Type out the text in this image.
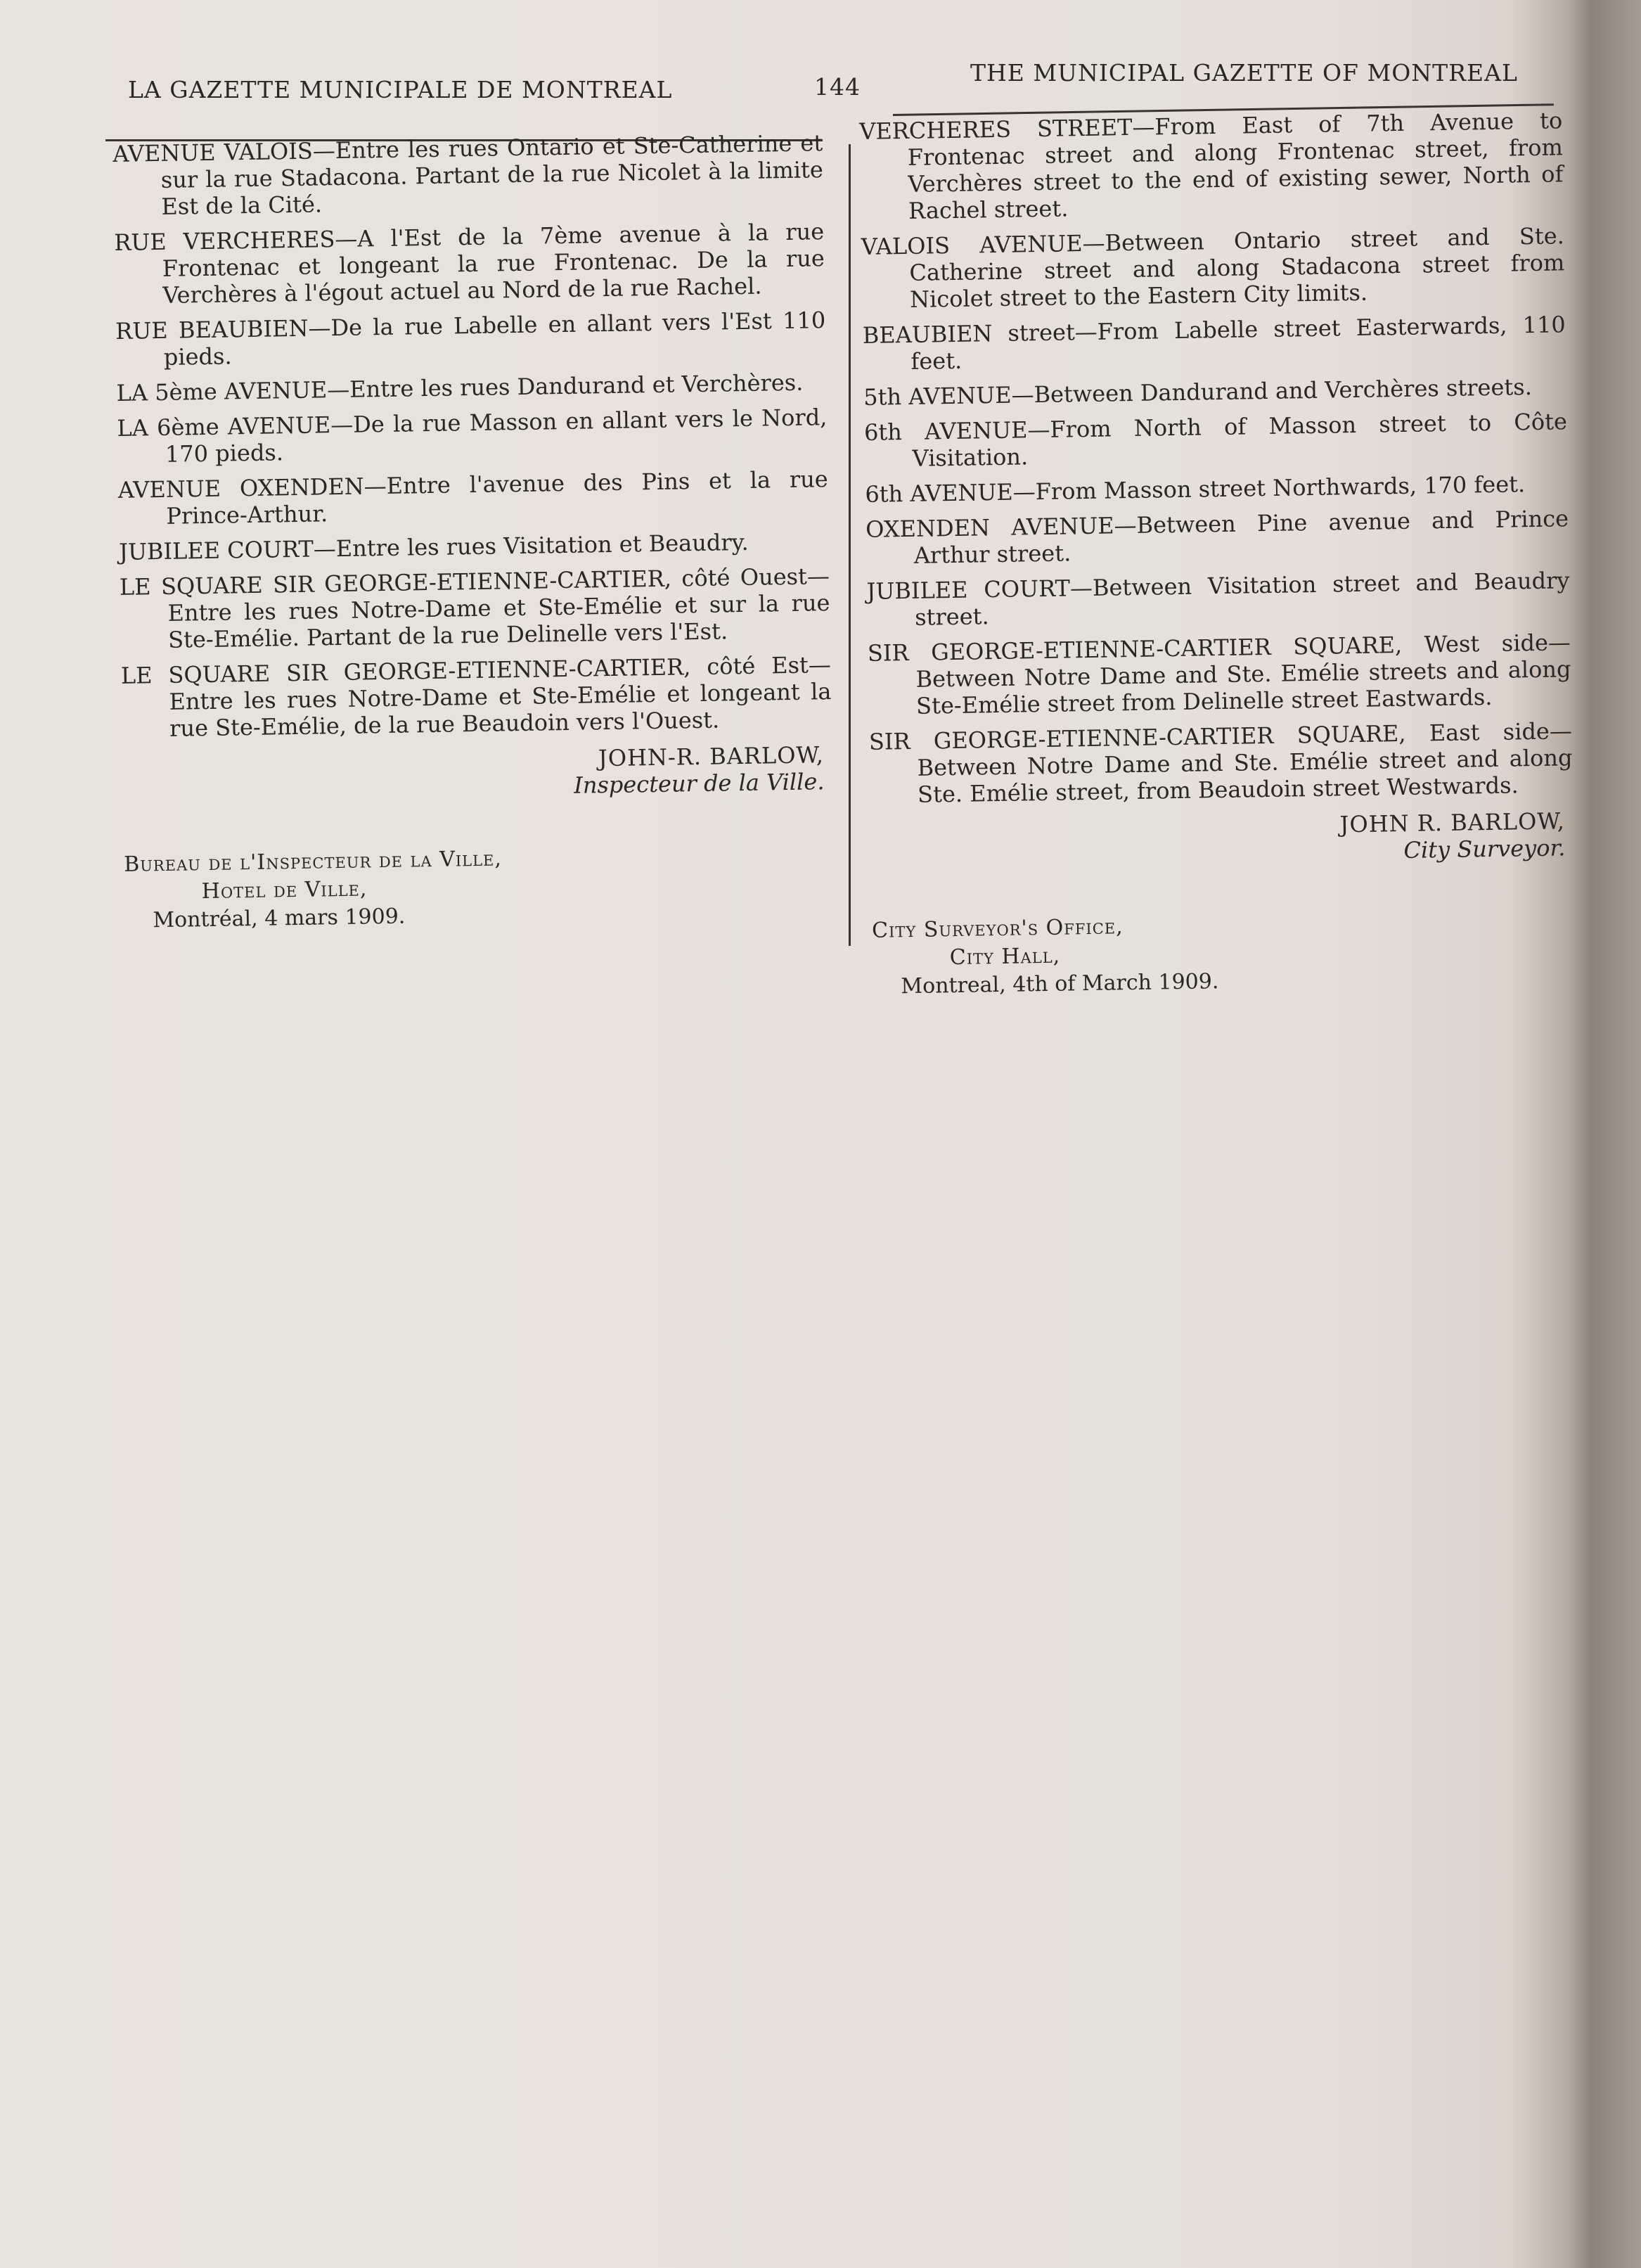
LA GAZETTE MUNICIPALE DE MONTREAL	144
THE MUNICIPAL GAZETTE OF MONTREAL

AVENUE VALOIS—Entre les rues Ontario et Ste-Catherine et sur la rue Stadacona. Partant de la rue Nicolet à la limite Est de la Cité.

RUE VERCHERES—A l'Est de la 7ème avenue à la rue Frontenac et longeant la rue Frontenac. De la rue Verchères à l'égout actuel au Nord de la rue Rachel.

RUE BEAUBIEN—De la rue Labelle en allant vers l'Est 110 pieds.

LA 5ème AVENUE—Entre les rues Dandurand et Verchères.

LA 6ème AVENUE—De la rue Masson en allant vers le Nord, 170 pieds.

AVENUE OXENDEN—Entre l'avenue des Pins et la rue Prince-Arthur.

JUBILEE COURT—Entre les rues Visitation et Beaudry.

LE SQUARE SIR GEORGE-ETIENNE-CARTIER, côté Ouest—Entre les rues Notre-Dame et Ste-Emélie et sur la rue Ste-Emélie. Partant de la rue Delinelle vers l'Est.

LE SQUARE SIR GEORGE-ETIENNE-CARTIER, côté Est—Entre les rues Notre-Dame et Ste-Emélie et longeant la rue Ste-Emélie, de la rue Beaudoin vers l'Ouest.

JOHN-R. BARLOW,
Inspecteur de la Ville.
Bureau de l'Inspecteur de la Ville,
Hotel de Ville,
Montréal, 4 mars 1909.

VERCHERES STREET—From East of 7th Avenue to Frontenac street and along Frontenac street, from Verchères street to the end of existing sewer, North of Rachel street.

VALOIS AVENUE—Between Ontario street and Ste. Catherine street and along Stadacona street from Nicolet street to the Eastern City limits.

BEAUBIEN street—From Labelle street Easterwards, 110 feet.

5th AVENUE—Between Dandurand and Verchères streets.

6th AVENUE—From North of Masson street to Côte Visitation.

6th AVENUE—From Masson street Northwards, 170 feet.

OXENDEN AVENUE—Between Pine avenue and Prince Arthur street.

JUBILEE COURT—Between Visitation street and Beaudry street.

SIR GEORGE-ETIENNE-CARTIER SQUARE, West side—Between Notre Dame and Ste. Emélie streets and along Ste-Emélie street from Delinelle street Eastwards.

SIR GEORGE-ETIENNE-CARTIER SQUARE, East side—Between Notre Dame and Ste. Emélie street and along Ste. Emélie street, from Beaudoin street Westwards.

JOHN R. BARLOW,
City Surveyor.
City Surveyor's Office,
City Hall,
Montreal, 4th of March 1909.
